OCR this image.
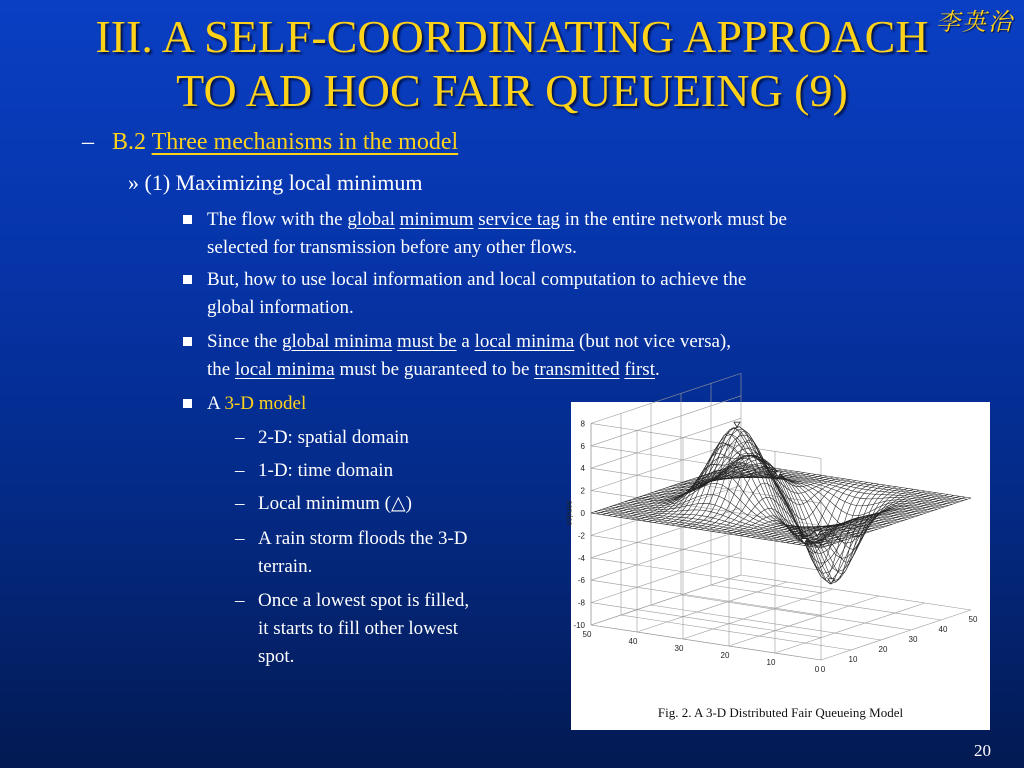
III. A SELF-COORDINATING APPROACH
TO AD HOC FAIR QUEUEING (9)
李英治
– B.2 Three mechanisms in the model
» (1) Maximizing local minimum
The flow with the global minimum service tag in the entire network must be
selected for transmission before any other flows.
But, how to use local information and local computation to achieve the
global information.
Since the global minima must be a local minima (but not vice versa),
the local minima must be guaranteed to be transmitted first.
A 3-D model
– 2-D: spatial domain
– 1-D: time domain
– Local minimum (△)
– A rain storm floods the 3-D
terrain.
– Once a lowest spot is filled,
it starts to fill other lowest
spot.
8
6
4
2
0
-2
-4
-6
-8
-10
0
10
20
30
40
50
50
40
30
20
10
0
service
Fig. 2. A 3-D Distributed Fair Queueing Model
20
